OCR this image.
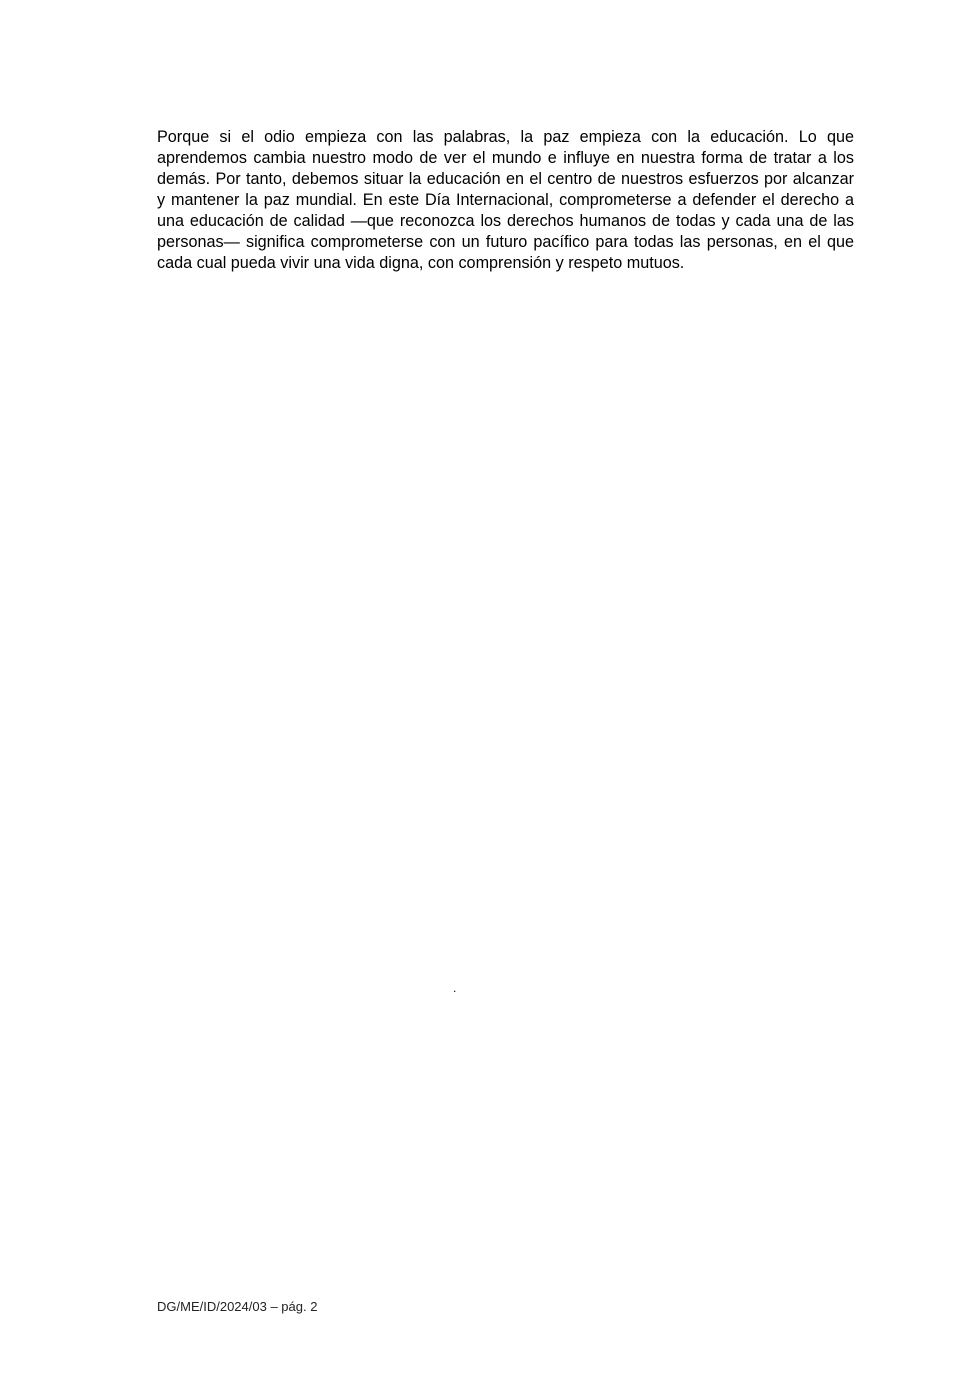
Porque si el odio empieza con las palabras, la paz empieza con la educación. Lo que aprendemos cambia nuestro modo de ver el mundo e influye en nuestra forma de tratar a los demás. Por tanto, debemos situar la educación en el centro de nuestros esfuerzos por alcanzar y mantener la paz mundial. En este Día Internacional, comprometerse a defender el derecho a una educación de calidad —que reconozca los derechos humanos de todas y cada una de las personas— significa comprometerse con un futuro pacífico para todas las personas, en el que cada cual pueda vivir una vida digna, con comprensión y respeto mutuos.

.
DG/ME/ID/2024/03 – pág. 2
